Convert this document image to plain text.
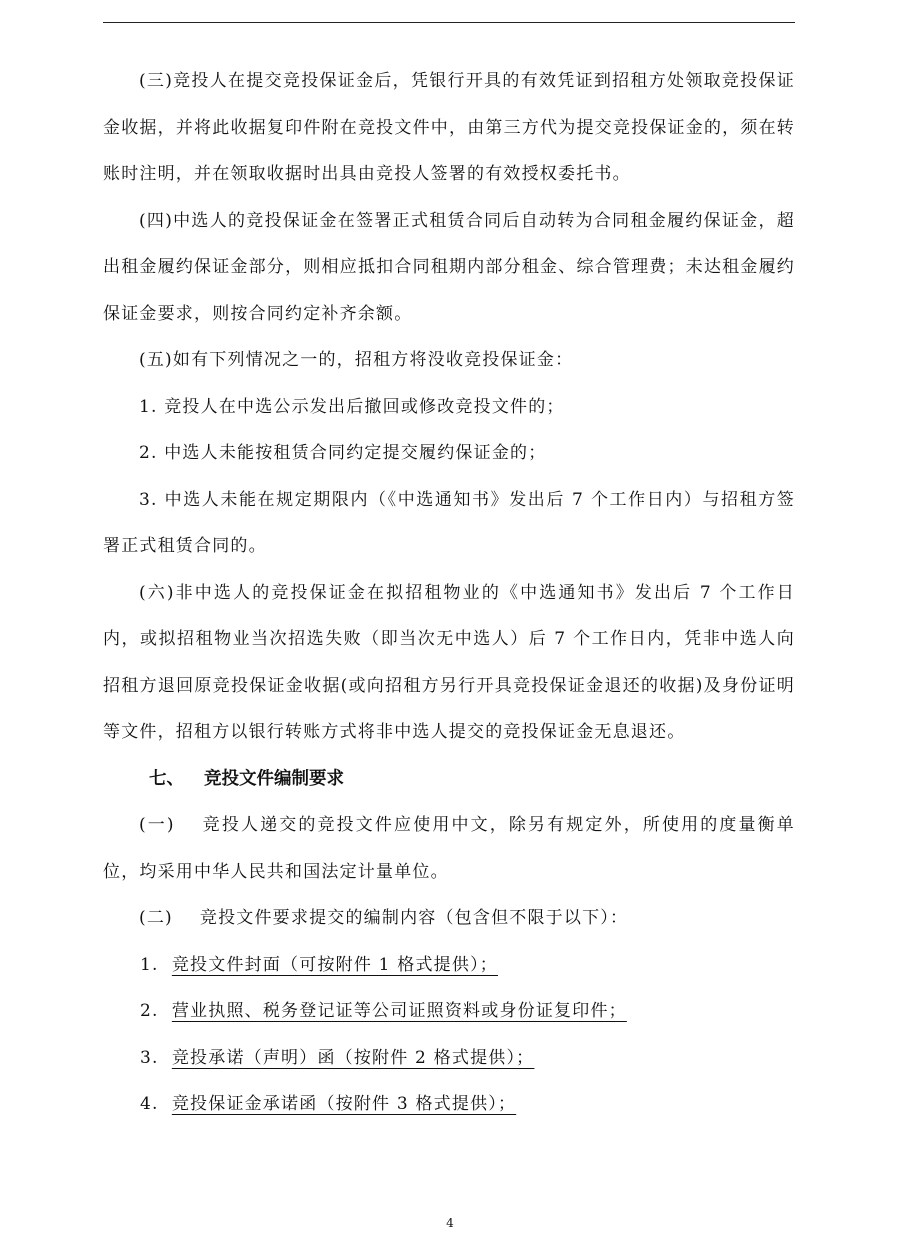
(三)竞投人在提交竞投保证金后，凭银行开具的有效凭证到招租方处领取竞投保证金收据，并将此收据复印件附在竞投文件中，由第三方代为提交竞投保证金的，须在转账时注明，并在领取收据时出具由竞投人签署的有效授权委托书。

(四)中选人的竞投保证金在签署正式租赁合同后自动转为合同租金履约保证金，超出租金履约保证金部分，则相应抵扣合同租期内部分租金、综合管理费；未达租金履约保证金要求，则按合同约定补齐余额。

(五)如有下列情况之一的，招租方将没收竞投保证金：

1. 竞投人在中选公示发出后撤回或修改竞投文件的；

2. 中选人未能按租赁合同约定提交履约保证金的；

3. 中选人未能在规定期限内（《中选通知书》发出后 7 个工作日内）与招租方签署正式租赁合同的。

(六)非中选人的竞投保证金在拟招租物业的《中选通知书》发出后 7 个工作日内，或拟招租物业当次招选失败（即当次无中选人）后 7 个工作日内，凭非中选人向招租方退回原竞投保证金收据(或向招租方另行开具竞投保证金退还的收据)及身份证明等文件，招租方以银行转账方式将非中选人提交的竞投保证金无息退还。

七、 竞投文件编制要求

(一) 竞投人递交的竞投文件应使用中文，除另有规定外，所使用的度量衡单位，均采用中华人民共和国法定计量单位。

(二) 竞投文件要求提交的编制内容（包含但不限于以下）：

1. 竞投文件封面（可按附件 1 格式提供）；

2. 营业执照、税务登记证等公司证照资料或身份证复印件；

3. 竞投承诺（声明）函（按附件 2 格式提供）；

4. 竞投保证金承诺函（按附件 3 格式提供）；

4
